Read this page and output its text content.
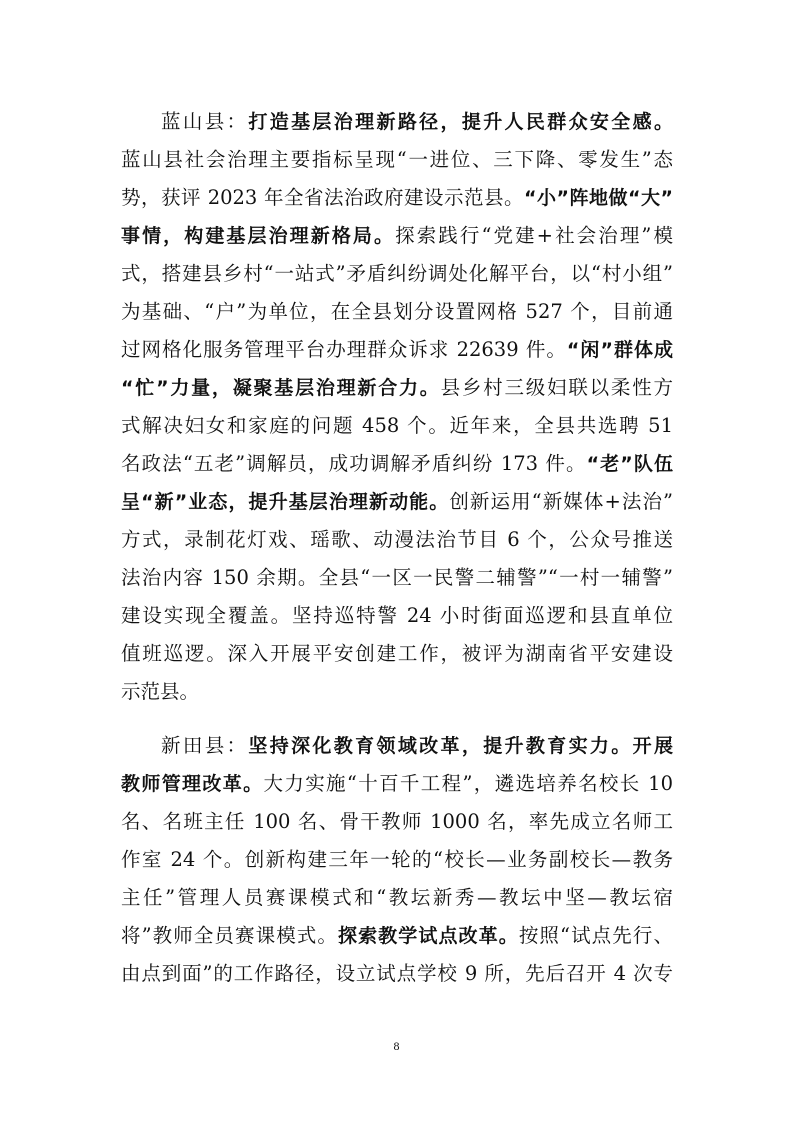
蓝山县：打造基层治理新路径，提升人民群众安全感。
蓝山县社会治理主要指标呈现“一进位、三下降、零发生”态
势，获评 2023 年全省法治政府建设示范县。“小”阵地做“大”
事情，构建基层治理新格局。探索践行“党建+社会治理”模
式，搭建县乡村“一站式”矛盾纠纷调处化解平台，以“村小组”
为基础、“户”为单位，在全县划分设置网格 527 个，目前通
过网格化服务管理平台办理群众诉求 22639 件。“闲”群体成
“忙”力量，凝聚基层治理新合力。县乡村三级妇联以柔性方
式解决妇女和家庭的问题 458 个。近年来，全县共选聘 51
名政法“五老”调解员，成功调解矛盾纠纷 173 件。“老”队伍
呈“新”业态，提升基层治理新动能。创新运用“新媒体+法治”
方式，录制花灯戏、瑶歌、动漫法治节目 6 个，公众号推送
法治内容 150 余期。全县“一区一民警二辅警”“一村一辅警”
建设实现全覆盖。坚持巡特警 24 小时街面巡逻和县直单位
值班巡逻。深入开展平安创建工作，被评为湖南省平安建设
示范县。
新田县：坚持深化教育领域改革，提升教育实力。开展
教师管理改革。大力实施“十百千工程”，遴选培养名校长 10
名、名班主任 100 名、骨干教师 1000 名，率先成立名师工
作室 24 个。创新构建三年一轮的“校长—业务副校长—教务
主任”管理人员赛课模式和“教坛新秀—教坛中坚—教坛宿
将”教师全员赛课模式。探索教学试点改革。按照“试点先行、
由点到面”的工作路径，设立试点学校 9 所，先后召开 4 次专
8
